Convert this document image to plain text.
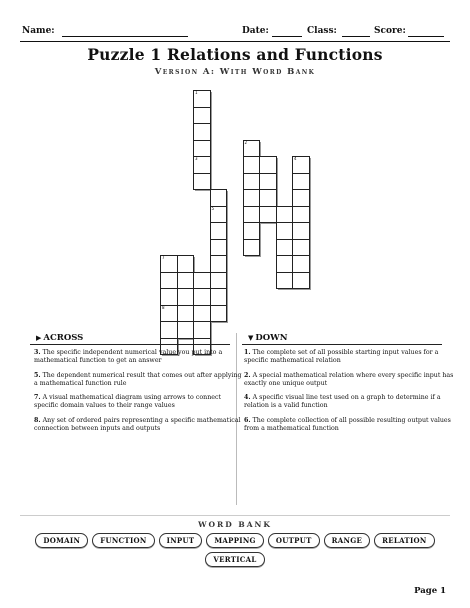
Name:	Date:	Class:	Score:
Puzzle 1 Relations and Functions
Version A: With Word Bank
1
3
2
4
5
7
8
▶ ACROSS	▼ DOWN
3. The specific independent numerical value you put into a mathematical function to get an answer
5. The dependent numerical result that comes out after applying a mathematical function rule
7. A visual mathematical diagram using arrows to connect specific domain values to their range values
8. Any set of ordered pairs representing a specific mathematical connection between inputs and outputs
1. The complete set of all possible starting input values for a specific mathematical relation
2. A special mathematical relation where every specific input has exactly one unique output
4. A specific visual line test used on a graph to determine if a relation is a valid function
6. The complete collection of all possible resulting output values from a mathematical function
WORD BANK
DOMAIN	FUNCTION	INPUT	MAPPING	OUTPUT	RANGE	RELATION
VERTICAL
Page 1
